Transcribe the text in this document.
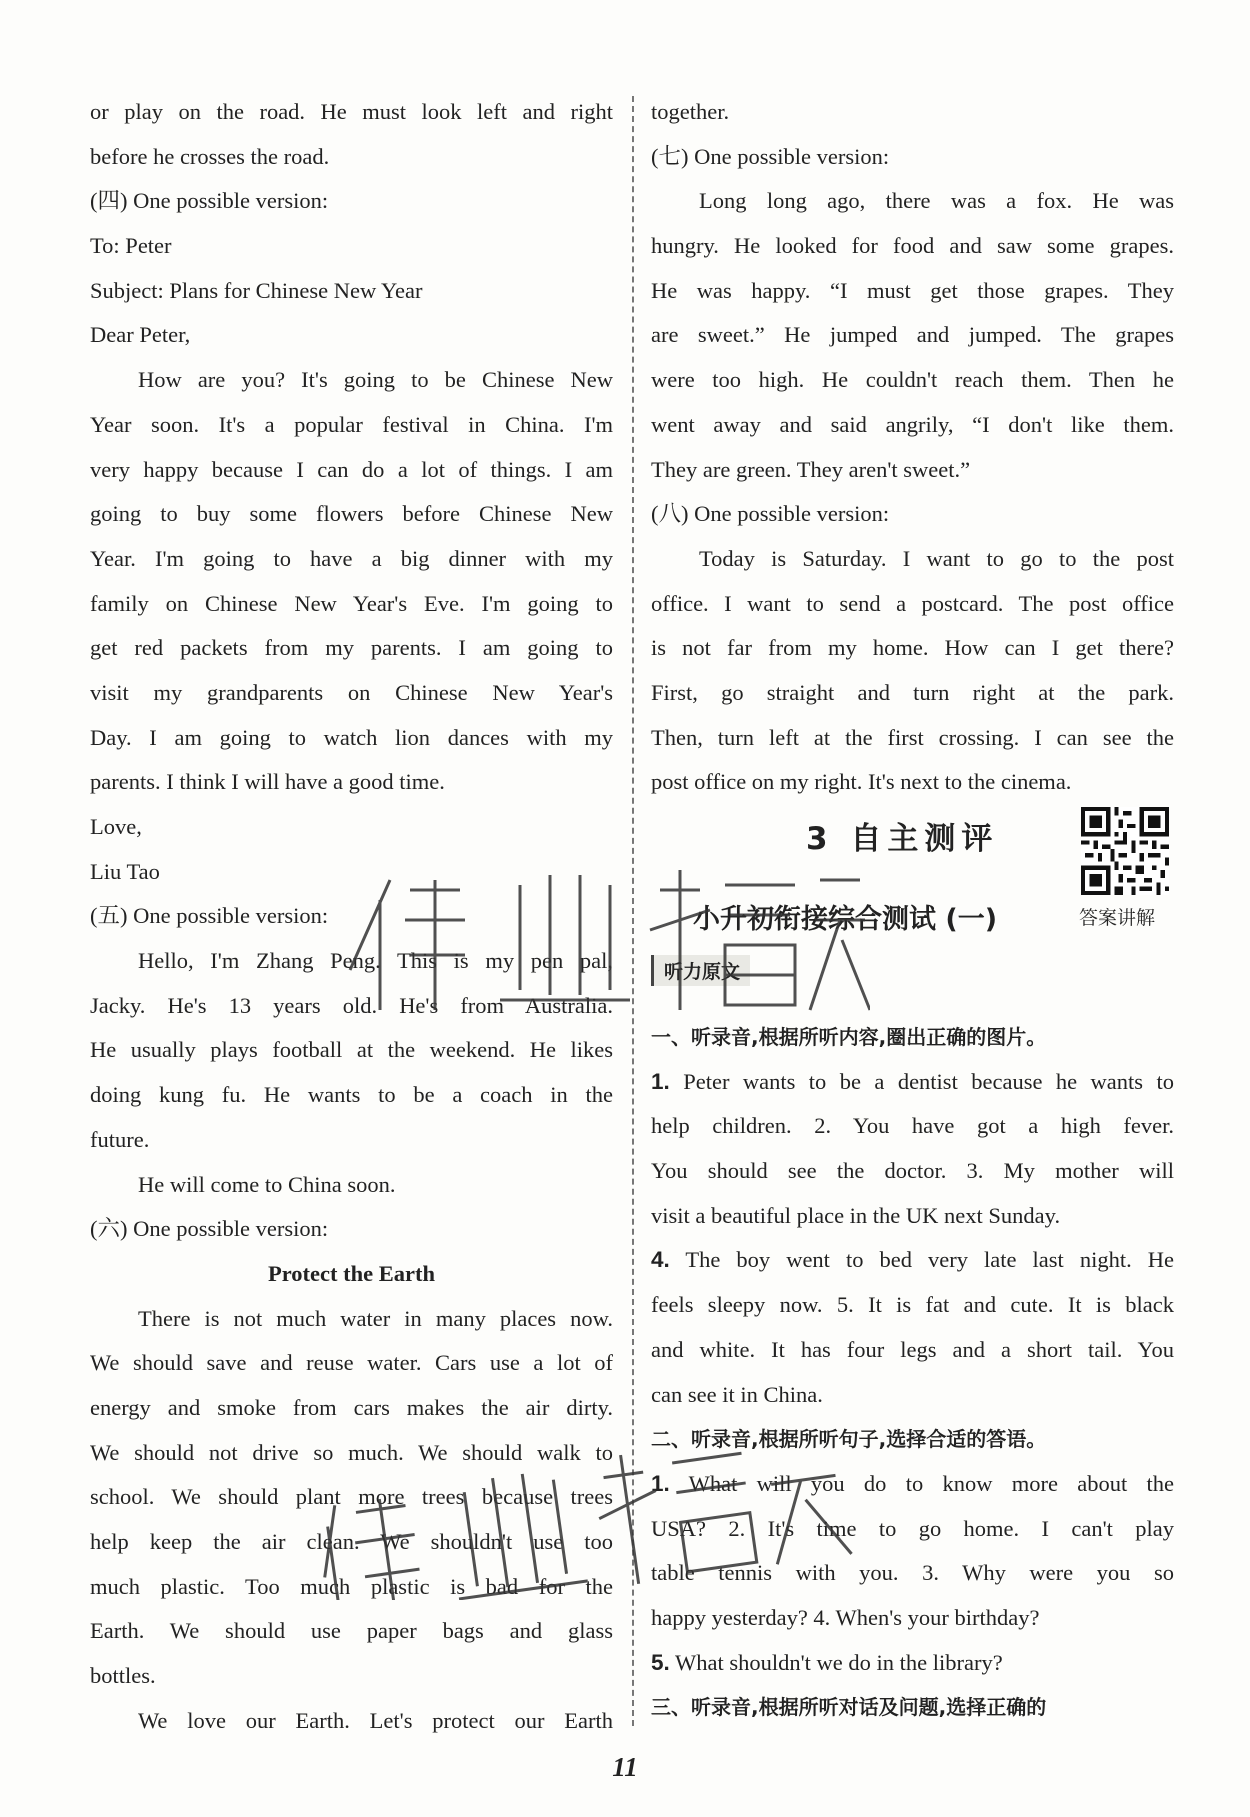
or play on the road. He must look left and right
before he crosses the road.
(四) One possible version:
To: Peter
Subject: Plans for Chinese New Year
Dear Peter,
How are you? It's going to be Chinese New
Year soon. It's a popular festival in China. I'm
very happy because I can do a lot of things. I am
going to buy some flowers before Chinese New
Year. I'm going to have a big dinner with my
family on Chinese New Year's Eve. I'm going to
get red packets from my parents. I am going to
visit my grandparents on Chinese New Year's
Day. I am going to watch lion dances with my
parents. I think I will have a good time.
Love,
Liu Tao
(五) One possible version:
Hello, I'm Zhang Peng. This is my pen pal,
Jacky. He's 13 years old. He's from Australia.
He usually plays football at the weekend. He likes
doing kung fu. He wants to be a coach in the
future.
He will come to China soon.
(六) One possible version:
Protect the Earth
There is not much water in many places now.
We should save and reuse water. Cars use a lot of
energy and smoke from cars makes the air dirty.
We should not drive so much. We should walk to
school. We should plant more trees because trees
help keep the air clean. We shouldn't use too
much plastic. Too much plastic is bad for the
Earth. We should use paper bags and glass
bottles.
We love our Earth. Let's protect our Earth
together.
(七) One possible version:
Long long ago, there was a fox. He was
hungry. He looked for food and saw some grapes.
He was happy. “I must get those grapes. They
are sweet.” He jumped and jumped. The grapes
were too high. He couldn't reach them. Then he
went away and said angrily, “I don't like them.
They are green. They aren't sweet.”
(八) One possible version:
Today is Saturday. I want to go to the post
office. I want to send a postcard. The post office
is not far from my home. How can I get there?
First, go straight and turn right at the park.
Then, turn left at the first crossing. I can see the
post office on my right. It's next to the cinema.
3 自主测评
小升初衔接综合测试 (一)	答案讲解
听力原文
一、听录音,根据所听内容,圈出正确的图片。
1. Peter wants to be a dentist because he wants to
help children. 2. You have got a high fever.
You should see the doctor. 3. My mother will
visit a beautiful place in the UK next Sunday.
4. The boy went to bed very late last night. He
feels sleepy now. 5. It is fat and cute. It is black
and white. It has four legs and a short tail. You
can see it in China.
二、听录音,根据所听句子,选择合适的答语。
1. What will you do to know more about the
USA? 2. It's time to go home. I can't play
table tennis with you. 3. Why were you so
happy yesterday? 4. When's your birthday?
5. What shouldn't we do in the library?
三、听录音,根据所听对话及问题,选择正确的
11
